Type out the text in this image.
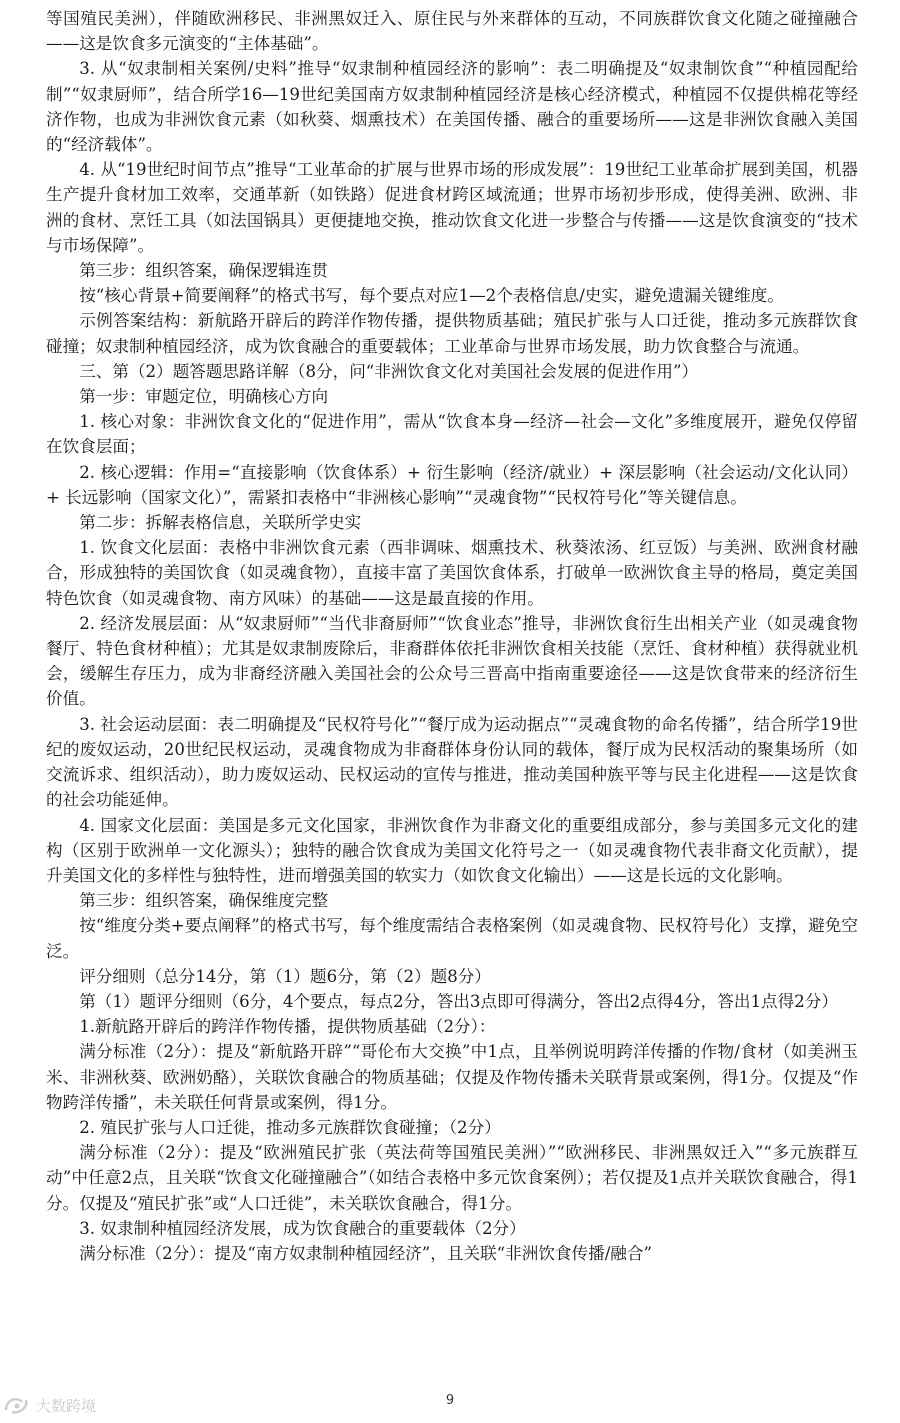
等国殖民美洲），伴随欧洲移民、非洲黑奴迁入、原住民与外来群体的互动，不同族群饮食文化随之碰撞融合——这是饮食多元演变的“主体基础”。

3. 从“奴隶制相关案例/史料”推导“奴隶制种植园经济的影响”：表二明确提及“奴隶制饮食”“种植园配给制”“奴隶厨师”，结合所学16—19世纪美国南方奴隶制种植园经济是核心经济模式，种植园不仅提供棉花等经济作物，也成为非洲饮食元素（如秋葵、烟熏技术）在美国传播、融合的重要场所——这是非洲饮食融入美国的“经济载体”。

4. 从“19世纪时间节点”推导“工业革命的扩展与世界市场的形成发展”：19世纪工业革命扩展到美国，机器生产提升食材加工效率，交通革新（如铁路）促进食材跨区域流通；世界市场初步形成，使得美洲、欧洲、非洲的食材、烹饪工具（如法国锅具）更便捷地交换，推动饮食文化进一步整合与传播——这是饮食演变的“技术与市场保障”。

第三步：组织答案，确保逻辑连贯

按“核心背景+简要阐释”的格式书写，每个要点对应1—2个表格信息/史实，避免遗漏关键维度。

示例答案结构：新航路开辟后的跨洋作物传播，提供物质基础；殖民扩张与人口迁徙，推动多元族群饮食碰撞；奴隶制种植园经济，成为饮食融合的重要载体；工业革命与世界市场发展，助力饮食整合与流通。

三、第（2）题答题思路详解（8分，问“非洲饮食文化对美国社会发展的促进作用”）

第一步：审题定位，明确核心方向

1. 核心对象：非洲饮食文化的“促进作用”，需从“饮食本身—经济—社会—文化”多维度展开，避免仅停留在饮食层面；

2. 核心逻辑：作用=“直接影响（饮食体系）+ 衍生影响（经济/就业）+ 深层影响（社会运动/文化认同）+ 长远影响（国家文化）”，需紧扣表格中“非洲核心影响”“灵魂食物”“民权符号化”等关键信息。

第二步：拆解表格信息，关联所学史实

1. 饮食文化层面：表格中非洲饮食元素（西非调味、烟熏技术、秋葵浓汤、红豆饭）与美洲、欧洲食材融合，形成独特的美国饮食（如灵魂食物），直接丰富了美国饮食体系，打破单一欧洲饮食主导的格局，奠定美国特色饮食（如灵魂食物、南方风味）的基础——这是最直接的作用。

2. 经济发展层面：从“奴隶厨师”“当代非裔厨师”“饮食业态”推导，非洲饮食衍生出相关产业（如灵魂食物餐厅、特色食材种植）；尤其是奴隶制废除后，非裔群体依托非洲饮食相关技能（烹饪、食材种植）获得就业机会，缓解生存压力，成为非裔经济融入美国社会的公众号三晋高中指南重要途径——这是饮食带来的经济衍生价值。

3. 社会运动层面：表二明确提及“民权符号化”“餐厅成为运动据点”“灵魂食物的命名传播”，结合所学19世纪的废奴运动，20世纪民权运动，灵魂食物成为非裔群体身份认同的载体，餐厅成为民权活动的聚集场所（如交流诉求、组织活动），助力废奴运动、民权运动的宣传与推进，推动美国种族平等与民主化进程——这是饮食的社会功能延伸。

4. 国家文化层面：美国是多元文化国家，非洲饮食作为非裔文化的重要组成部分，参与美国多元文化的建构（区别于欧洲单一文化源头）；独特的融合饮食成为美国文化符号之一（如灵魂食物代表非裔文化贡献），提升美国文化的多样性与独特性，进而增强美国的软实力（如饮食文化输出）——这是长远的文化影响。

第三步：组织答案，确保维度完整

按“维度分类+要点阐释”的格式书写，每个维度需结合表格案例（如灵魂食物、民权符号化）支撑，避免空泛。

评分细则（总分14分，第（1）题6分，第（2）题8分）

第（1）题评分细则（6分，4个要点，每点2分，答出3点即可得满分，答出2点得4分，答出1点得2分）

1.新航路开辟后的跨洋作物传播，提供物质基础（2分）：

满分标准（2分）：提及“新航路开辟”“哥伦布大交换”中1点，且举例说明跨洋传播的作物/食材（如美洲玉米、非洲秋葵、欧洲奶酪），关联饮食融合的物质基础；仅提及作物传播未关联背景或案例，得1分。仅提及“作物跨洋传播”，未关联任何背景或案例，得1分。

2. 殖民扩张与人口迁徙，推动多元族群饮食碰撞；（2分）

满分标准（2分）：提及“欧洲殖民扩张（英法荷等国殖民美洲）”“欧洲移民、非洲黑奴迁入”“多元族群互动”中任意2点，且关联“饮食文化碰撞融合”（如结合表格中多元饮食案例）；若仅提及1点并关联饮食融合，得1分。仅提及“殖民扩张”或“人口迁徙”，未关联饮食融合，得1分。

3. 奴隶制种植园经济发展，成为饮食融合的重要载体（2分）

满分标准（2分）：提及“南方奴隶制种植园经济”，且关联“非洲饮食传播/融合”

9
大数跨境
